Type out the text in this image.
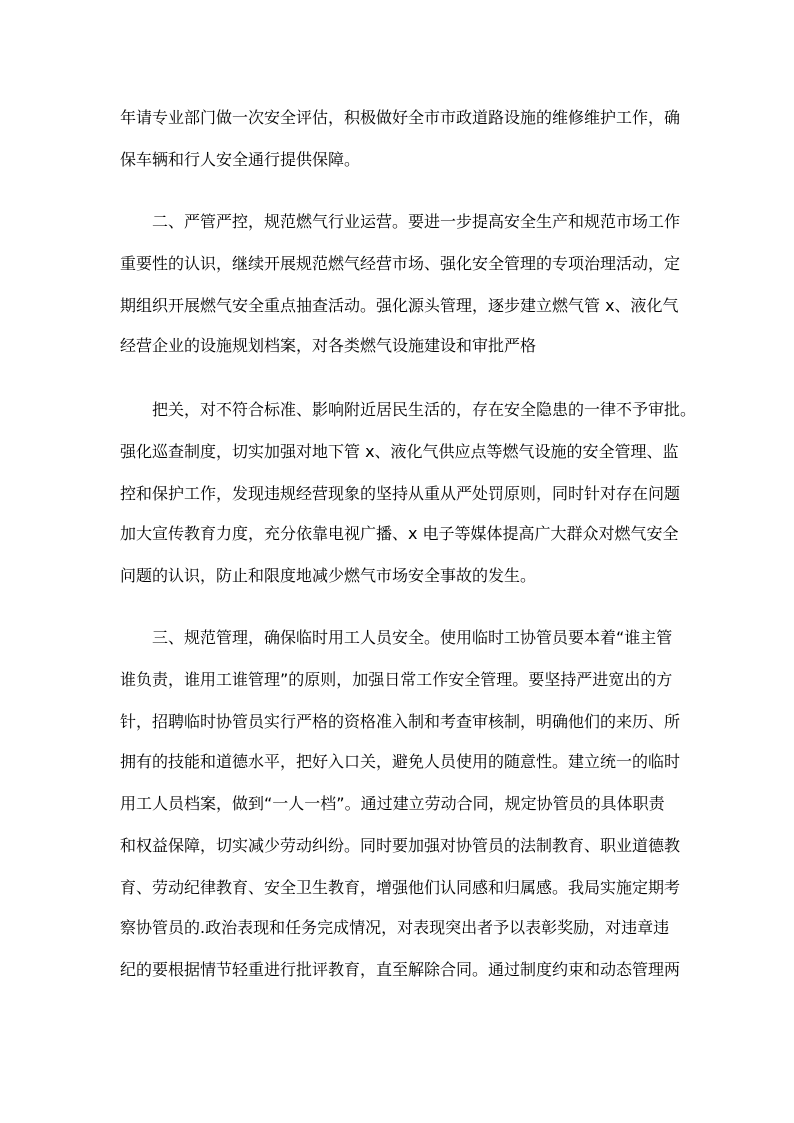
年请专业部门做一次安全评估，积极做好全市市政道路设施的维修维护工作，确

保车辆和行人安全通行提供保障。

二、严管严控，规范燃气行业运营。要进一步提高安全生产和规范市场工作

重要性的认识，继续开展规范燃气经营市场、强化安全管理的专项治理活动，定

期组织开展燃气安全重点抽查活动。强化源头管理，逐步建立燃气管 x、液化气

经营企业的设施规划档案，对各类燃气设施建设和审批严格

把关，对不符合标准、影响附近居民生活的，存在安全隐患的一律不予审批。

强化巡查制度，切实加强对地下管 x、液化气供应点等燃气设施的安全管理、监

控和保护工作，发现违规经营现象的坚持从重从严处罚原则，同时针对存在问题

加大宣传教育力度，充分依靠电视广播、x 电子等媒体提高广大群众对燃气安全

问题的认识，防止和限度地减少燃气市场安全事故的发生。

三、规范管理，确保临时用工人员安全。使用临时工协管员要本着“谁主管

谁负责，谁用工谁管理”的原则，加强日常工作安全管理。要坚持严进宽出的方

针，招聘临时协管员实行严格的资格准入制和考查审核制，明确他们的来历、所

拥有的技能和道德水平，把好入口关，避免人员使用的随意性。建立统一的临时

用工人员档案，做到“一人一档”。通过建立劳动合同，规定协管员的具体职责

和权益保障，切实减少劳动纠纷。同时要加强对协管员的法制教育、职业道德教

育、劳动纪律教育、安全卫生教育，增强他们认同感和归属感。我局实施定期考

察协管员的.政治表现和任务完成情况，对表现突出者予以表彰奖励，对违章违

纪的要根据情节轻重进行批评教育，直至解除合同。通过制度约束和动态管理两
